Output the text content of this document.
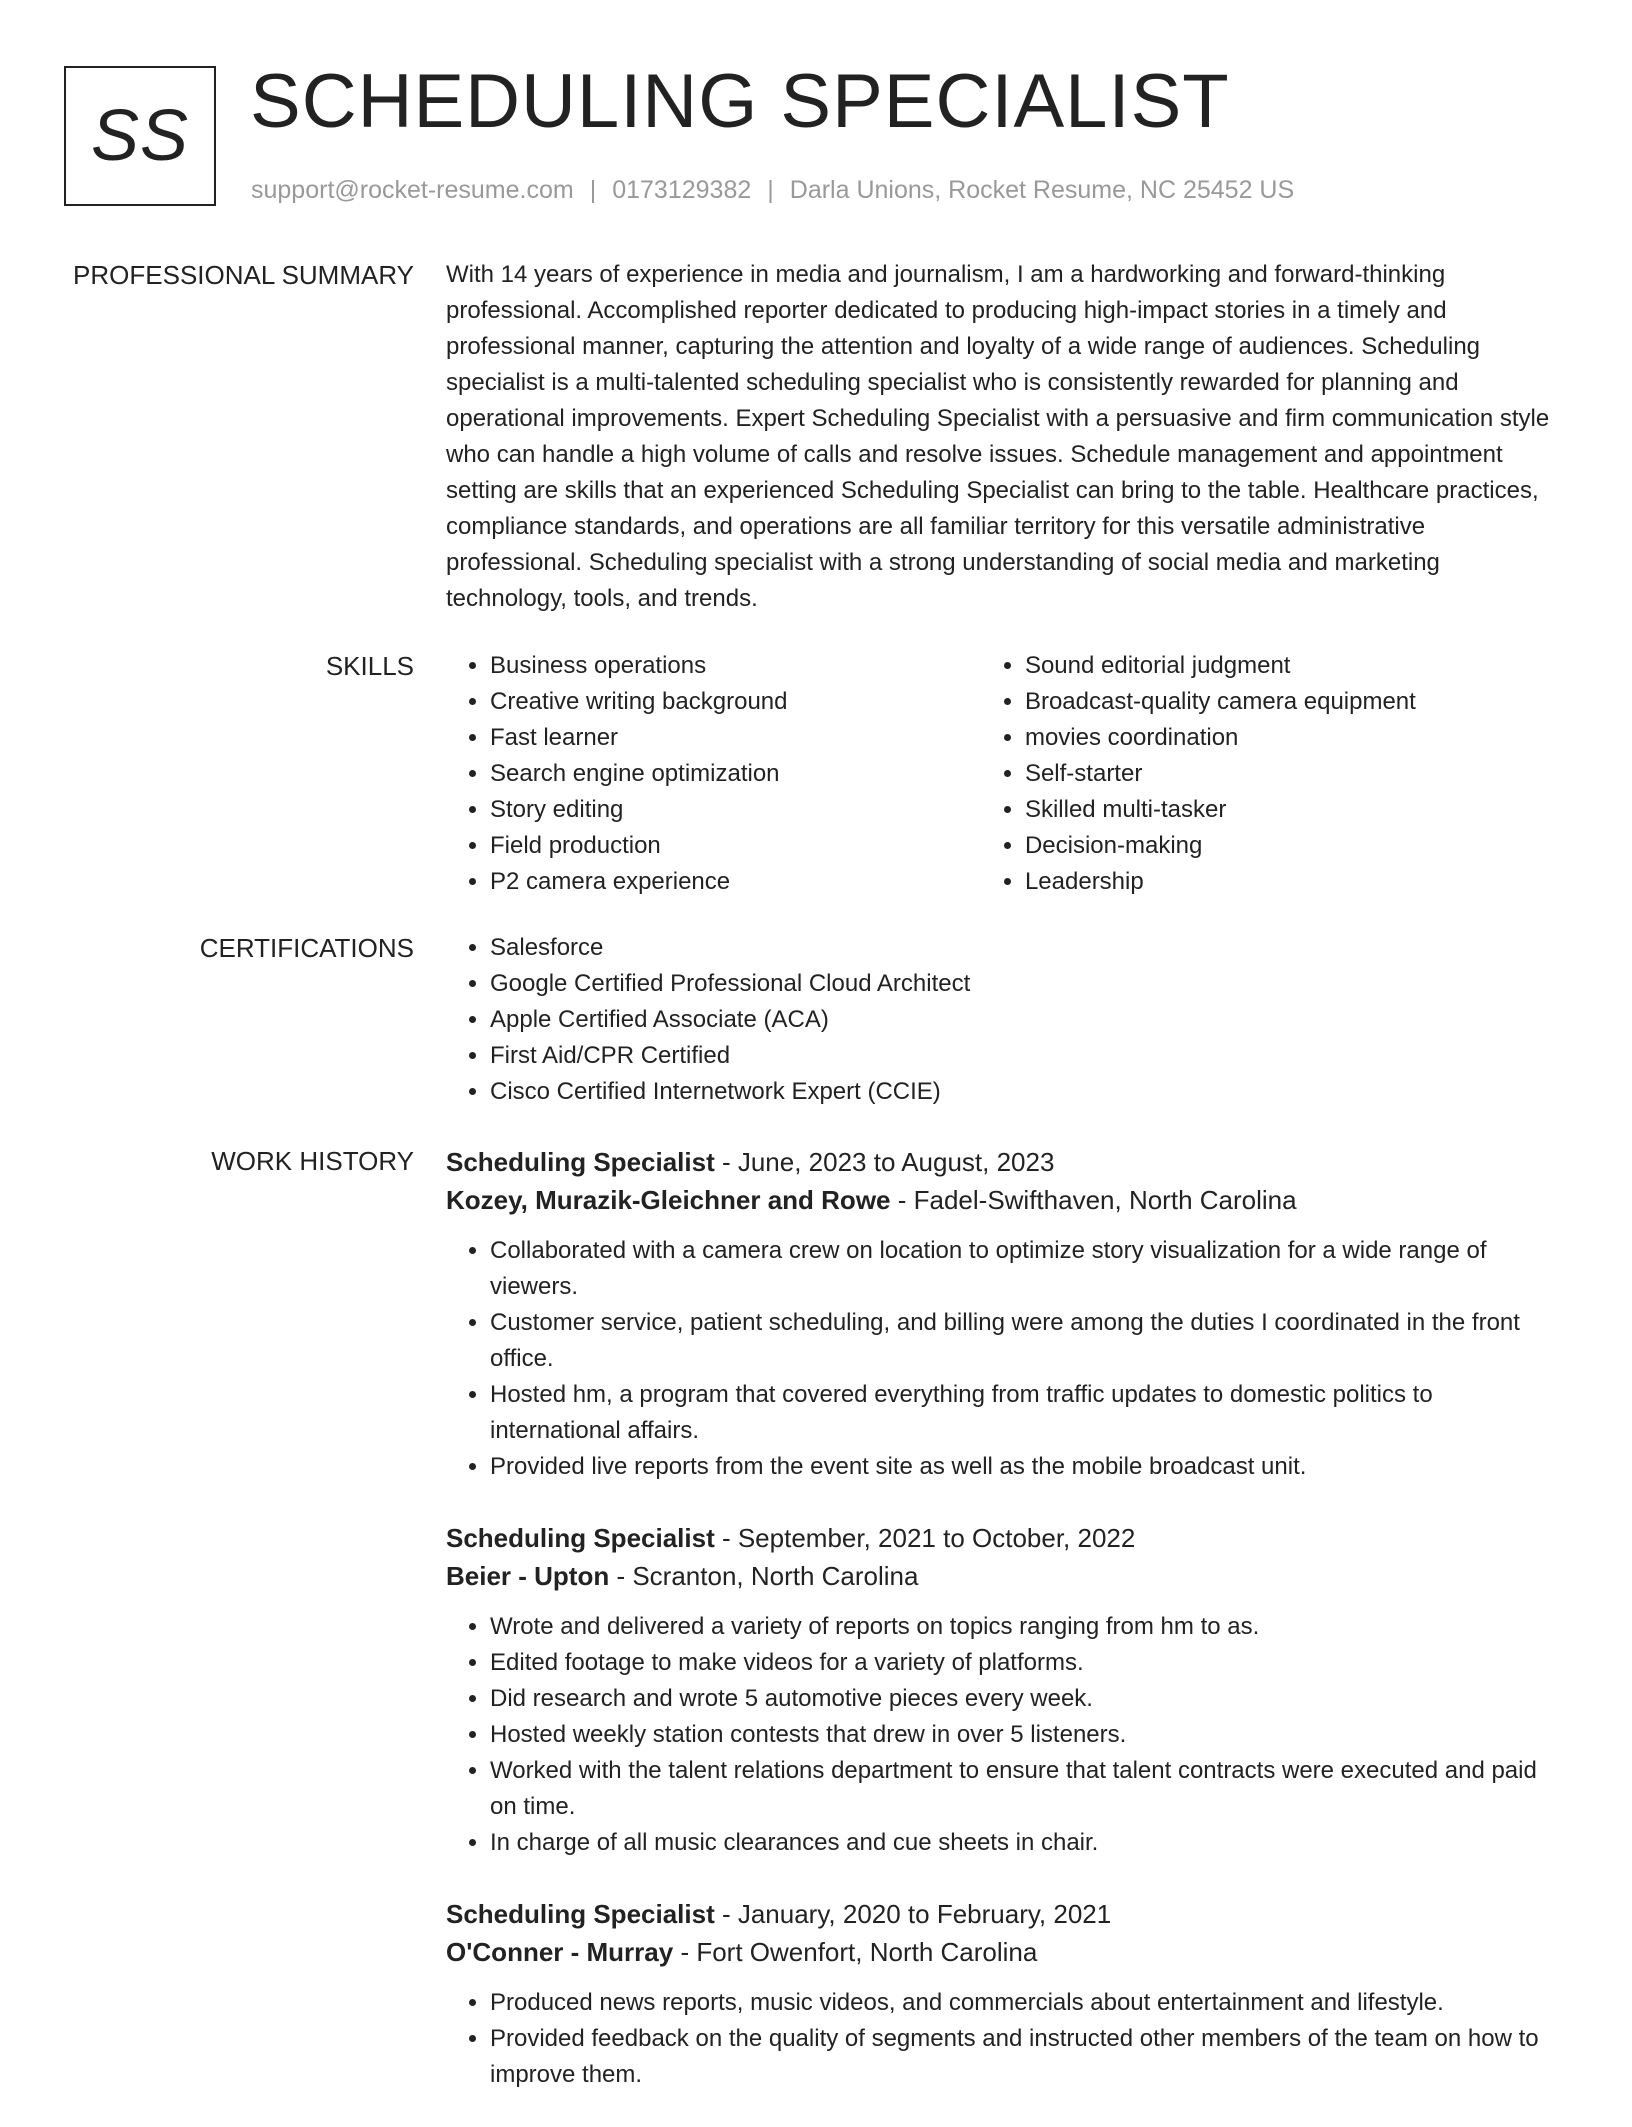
SS SCHEDULING SPECIALIST
support@rocket-resume.com | 0173129382 | Darla Unions, Rocket Resume, NC 25452 US
PROFESSIONAL SUMMARY With 14 years of experience in media and journalism, I am a hardworking and forward-thinking professional. Accomplished reporter dedicated to producing high-impact stories in a timely and professional manner, capturing the attention and loyalty of a wide range of audiences. Scheduling specialist is a multi-talented scheduling specialist who is consistently rewarded for planning and operational improvements. Expert Scheduling Specialist with a persuasive and firm communication style who can handle a high volume of calls and resolve issues. Schedule management and appointment setting are skills that an experienced Scheduling Specialist can bring to the table. Healthcare practices, compliance standards, and operations are all familiar territory for this versatile administrative professional. Scheduling specialist with a strong understanding of social media and marketing technology, tools, and trends.

SKILLS	• Business operations
• Creative writing background
• Fast learner
• Search engine optimization
• Story editing
• Field production
• P2 camera experience
• Sound editorial judgment
• Broadcast-quality camera equipment
• movies coordination
• Self-starter
• Skilled multi-tasker
• Decision-making
• Leadership
CERTIFICATIONS	• Salesforce
• Google Certified Professional Cloud Architect
• Apple Certified Associate (ACA)
• First Aid/CPR Certified
• Cisco Certified Internetwork Expert (CCIE)
WORK HISTORY Scheduling Specialist - June, 2023 to August, 2023
Kozey, Murazik-Gleichner and Rowe - Fadel-Swifthaven, North Carolina
• Collaborated with a camera crew on location to optimize story visualization for a wide range of viewers.
• Customer service, patient scheduling, and billing were among the duties I coordinated in the front office.
• Hosted hm, a program that covered everything from traffic updates to domestic politics to international affairs.
• Provided live reports from the event site as well as the mobile broadcast unit.
Scheduling Specialist - September, 2021 to October, 2022
Beier - Upton - Scranton, North Carolina
• Wrote and delivered a variety of reports on topics ranging from hm to as.
• Edited footage to make videos for a variety of platforms.
• Did research and wrote 5 automotive pieces every week.
• Hosted weekly station contests that drew in over 5 listeners.
• Worked with the talent relations department to ensure that talent contracts were executed and paid on time.
• In charge of all music clearances and cue sheets in chair.
Scheduling Specialist - January, 2020 to February, 2021
O'Conner - Murray - Fort Owenfort, North Carolina
• Produced news reports, music videos, and commercials about entertainment and lifestyle.
• Provided feedback on the quality of segments and instructed other members of the team on how to improve them.
